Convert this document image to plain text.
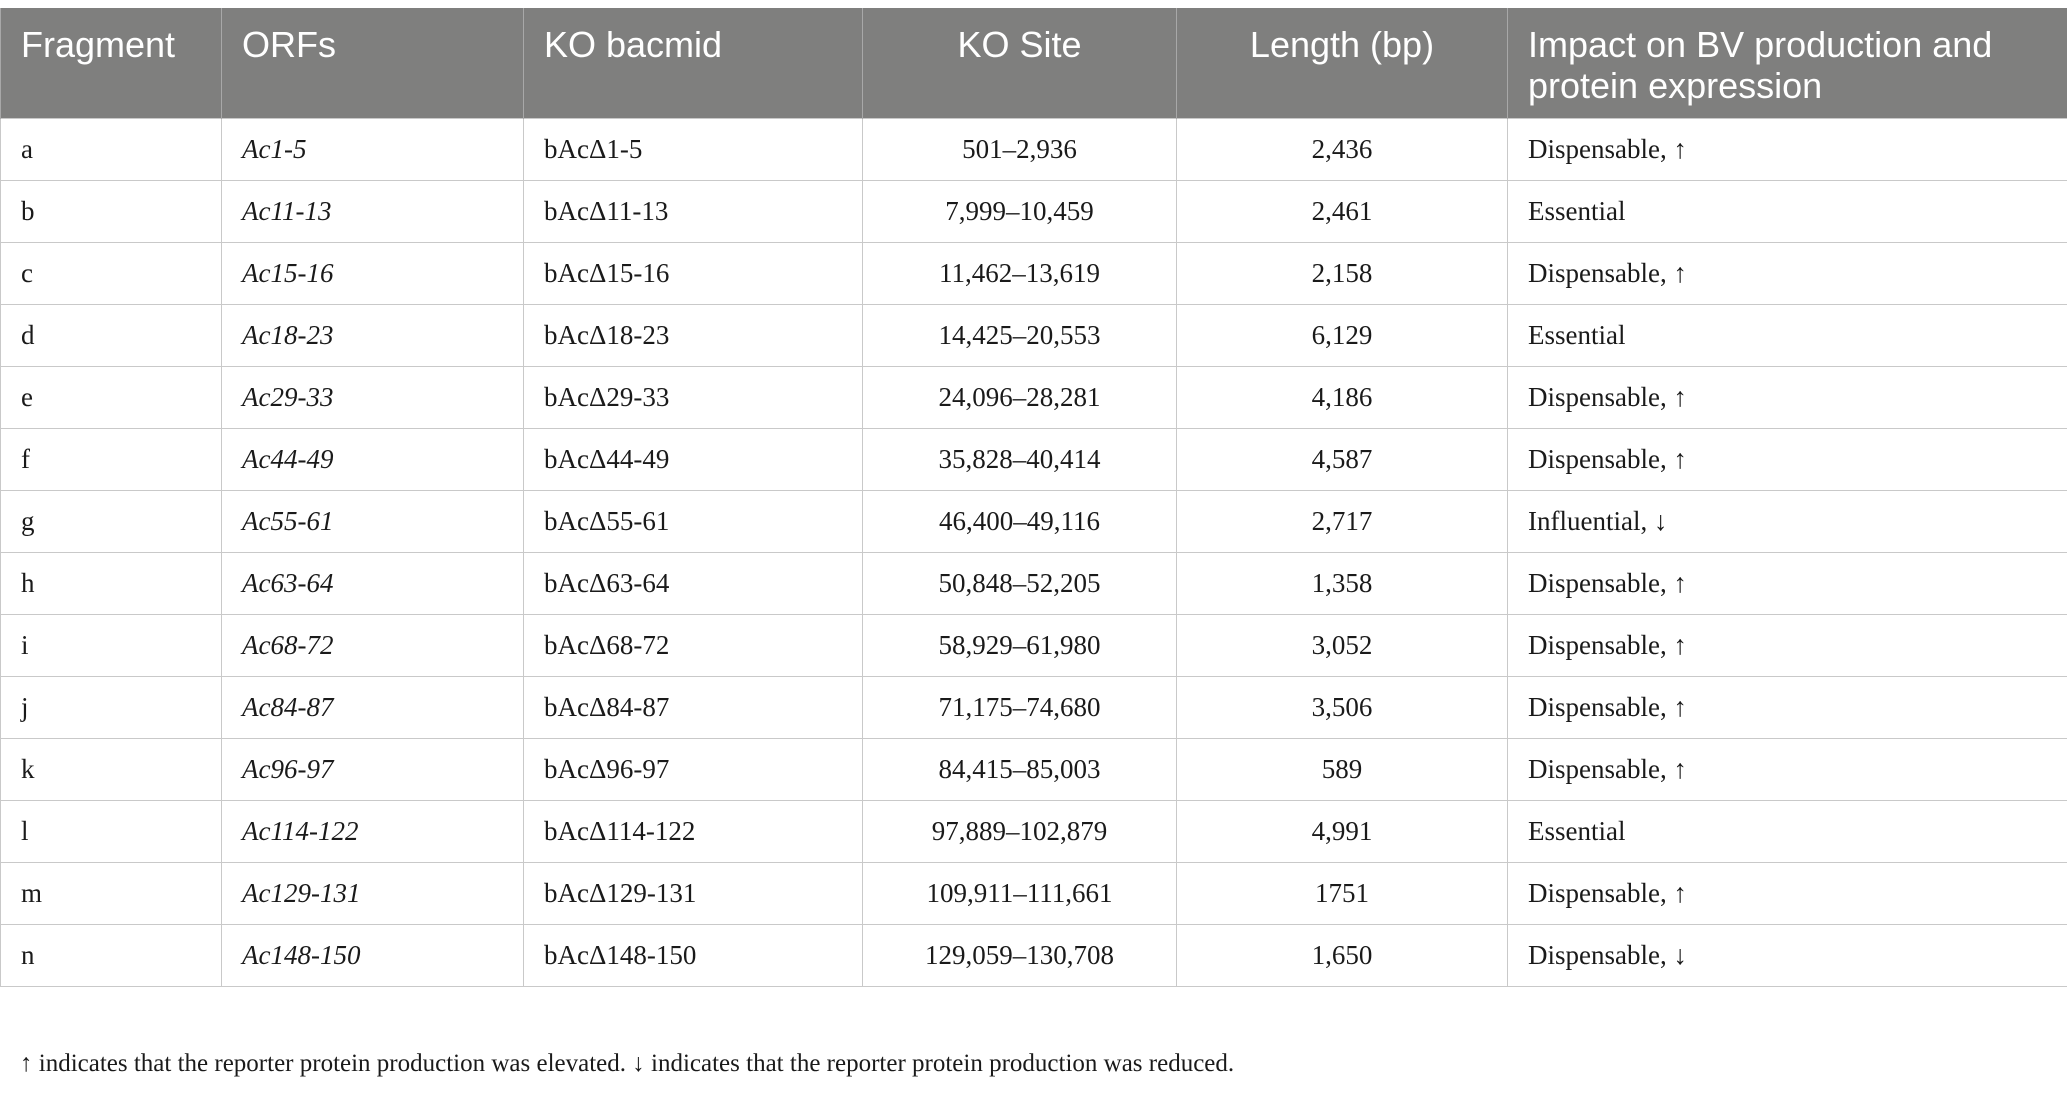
Fragment	ORFs	KO bacmid	KO Site	Length (bp)	Impact on BV production and protein expression
a	Ac1-5	bAcΔ1-5	501–2,936	2,436	Dispensable, ↑
b	Ac11-13	bAcΔ11-13	7,999–10,459	2,461	Essential
c	Ac15-16	bAcΔ15-16	11,462–13,619	2,158	Dispensable, ↑
d	Ac18-23	bAcΔ18-23	14,425–20,553	6,129	Essential
e	Ac29-33	bAcΔ29-33	24,096–28,281	4,186	Dispensable, ↑
f	Ac44-49	bAcΔ44-49	35,828–40,414	4,587	Dispensable, ↑
g	Ac55-61	bAcΔ55-61	46,400–49,116	2,717	Influential, ↓
h	Ac63-64	bAcΔ63-64	50,848–52,205	1,358	Dispensable, ↑
i	Ac68-72	bAcΔ68-72	58,929–61,980	3,052	Dispensable, ↑
j	Ac84-87	bAcΔ84-87	71,175–74,680	3,506	Dispensable, ↑
k	Ac96-97	bAcΔ96-97	84,415–85,003	589	Dispensable, ↑
l	Ac114-122	bAcΔ114-122	97,889–102,879	4,991	Essential
m	Ac129-131	bAcΔ129-131	109,911–111,661	1751	Dispensable, ↑
n	Ac148-150	bAcΔ148-150	129,059–130,708	1,650	Dispensable, ↓
↑ indicates that the reporter protein production was elevated. ↓ indicates that the reporter protein production was reduced.
